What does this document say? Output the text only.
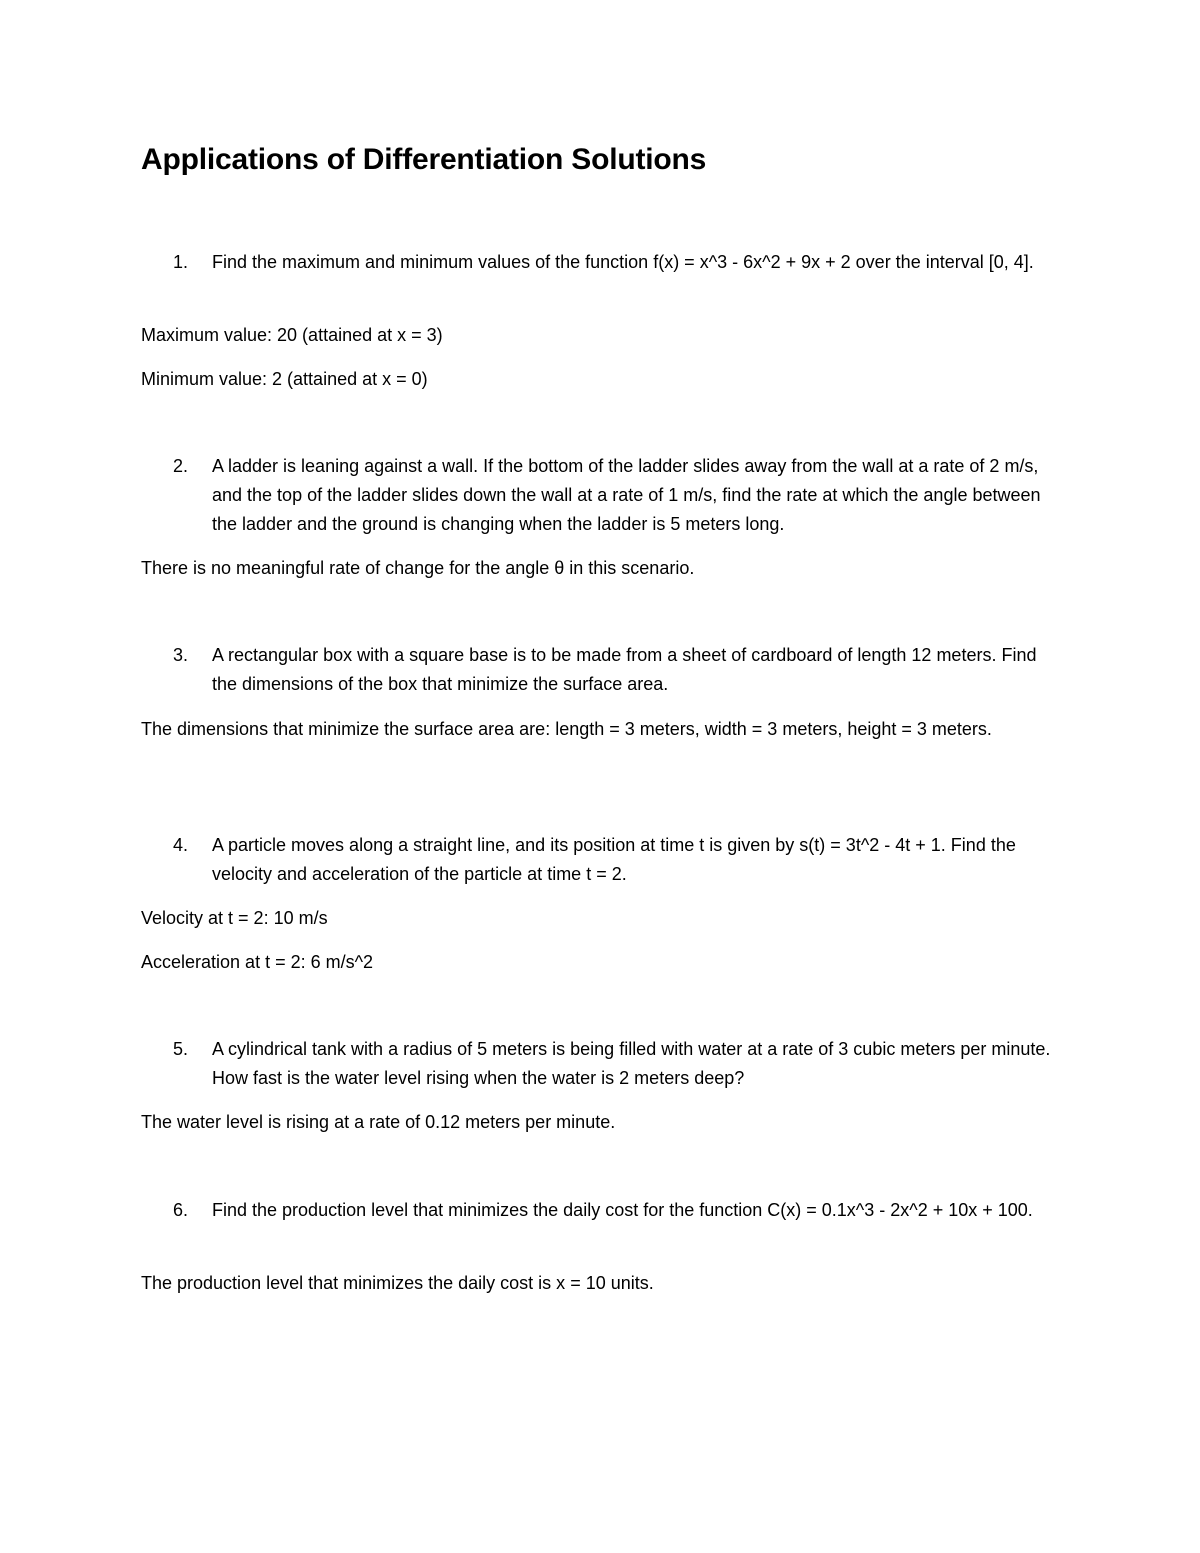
Applications of Differentiation Solutions
1.	Find the maximum and minimum values of the function f(x) = x^3 - 6x^2 + 9x + 2 over the interval [0, 4].

Maximum value: 20 (attained at x = 3)

Minimum value: 2 (attained at x = 0)

2.	A ladder is leaning against a wall. If the bottom of the ladder slides away from the wall at a rate of 2 m/s, and the top of the ladder slides down the wall at a rate of 1 m/s, find the rate at which the angle between the ladder and the ground is changing when the ladder is 5 meters long.

There is no meaningful rate of change for the angle θ in this scenario.

3.	A rectangular box with a square base is to be made from a sheet of cardboard of length 12 meters. Find the dimensions of the box that minimize the surface area.

The dimensions that minimize the surface area are: length = 3 meters, width = 3 meters, height = 3 meters.

4.	A particle moves along a straight line, and its position at time t is given by s(t) = 3t^2 - 4t + 1. Find the velocity and acceleration of the particle at time t = 2.

Velocity at t = 2: 10 m/s

Acceleration at t = 2: 6 m/s^2

5.	A cylindrical tank with a radius of 5 meters is being filled with water at a rate of 3 cubic meters per minute. How fast is the water level rising when the water is 2 meters deep?

The water level is rising at a rate of 0.12 meters per minute.

6.	Find the production level that minimizes the daily cost for the function C(x) = 0.1x^3 - 2x^2 + 10x + 100.

The production level that minimizes the daily cost is x = 10 units.
